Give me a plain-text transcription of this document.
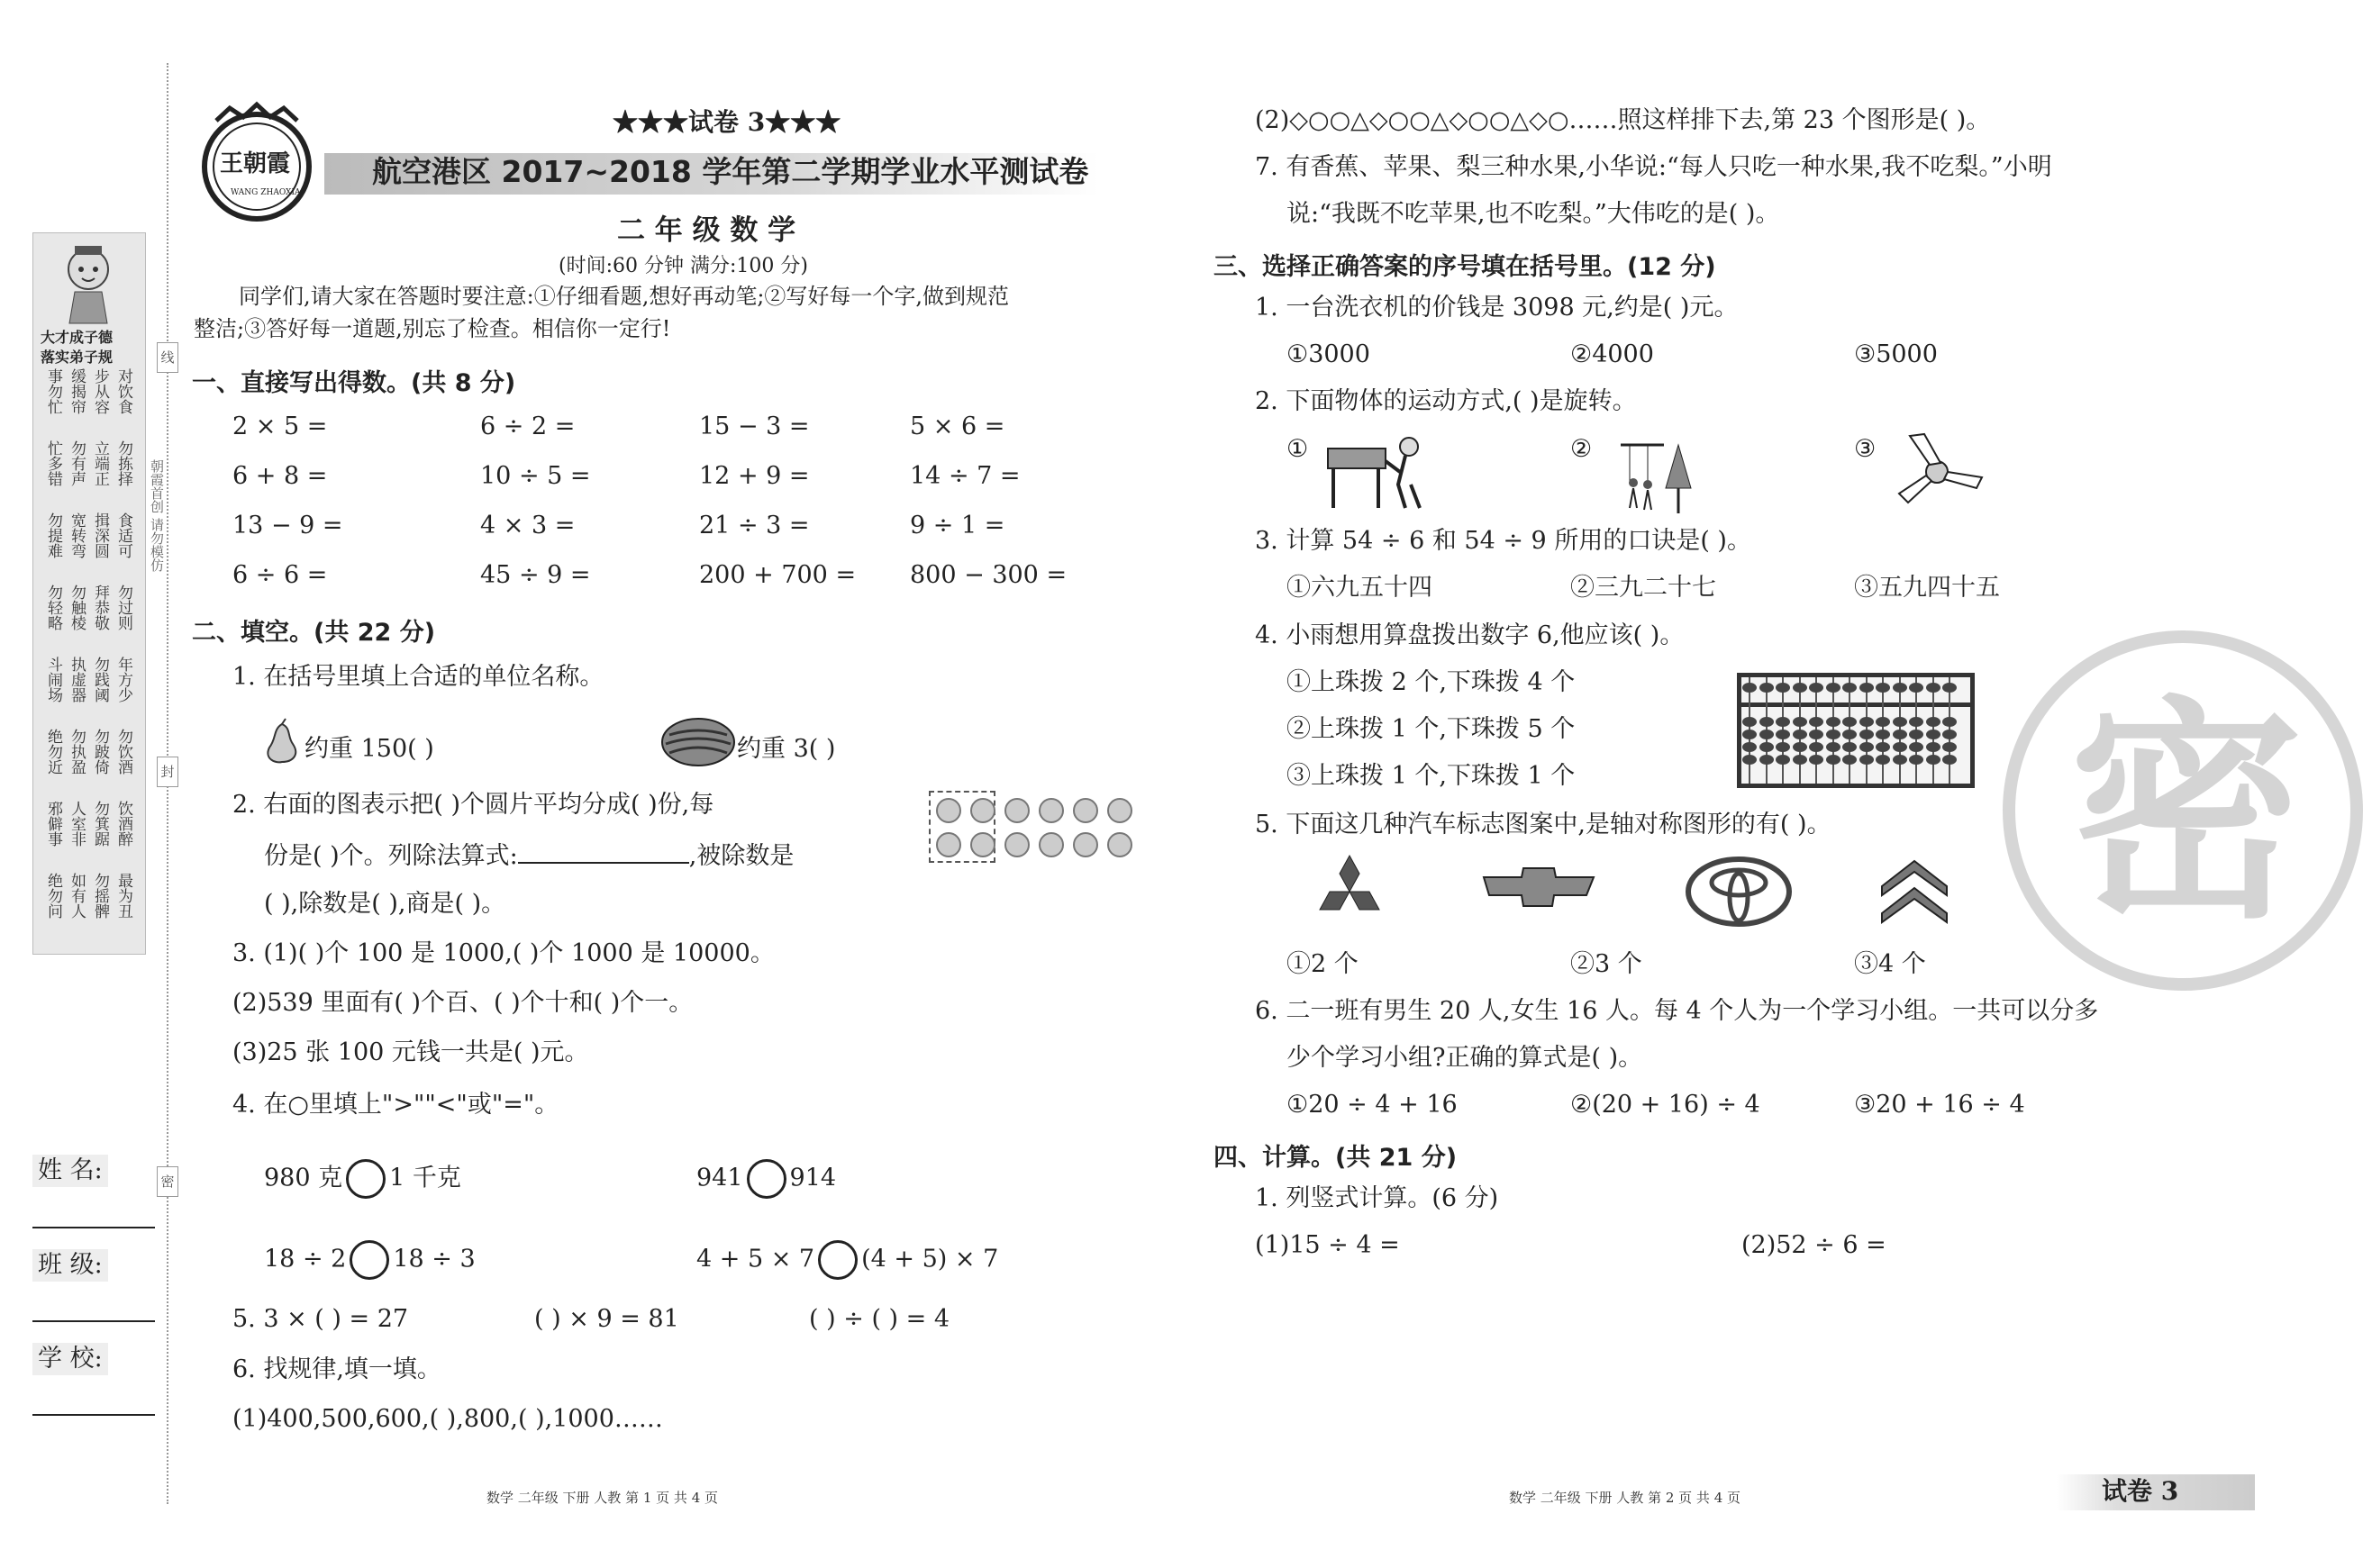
线
封
密
朝霞首创 请勿模仿
大才成子德
落实弟子规
事勿忙 缓揭帘 步从容 对饮食
忙多错 勿有声 立端正 勿拣择
勿提难 宽转弯 揖深圆 食适可
勿轻略 勿触棱 拜恭敬 勿过则
斗闹场 执虚器 勿践阈 年方少
绝勿近 勿执盈 勿跛倚 勿饮酒
邪僻事 人室非 勿箕踞 饮酒醉
绝勿问 如有人 勿摇髀 最为丑
姓 名:
班 级:
学 校:
王朝霞
WANG ZHAOXIA
★★★试卷 3★★★
航空港区 2017~2018 学年第二学期学业水平测试卷
二 年 级 数 学
(时间:60 分钟 满分:100 分)
同学们,请大家在答题时要注意:①仔细看题,想好再动笔;②写好每一个字,做到规范
整洁;③答好每一道题,别忘了检查。相信你一定行!
一、直接写出得数。(共 8 分)
2 × 5 =	6 ÷ 2 =	15 − 3 =	5 × 6 =
6 + 8 =	10 ÷ 5 =	12 + 9 =	14 ÷ 7 =
13 − 9 =	4 × 3 =	21 ÷ 3 =	9 ÷ 1 =
6 ÷ 6 =	45 ÷ 9 =	200 + 700 = 800 − 300 =
二、填空。(共 22 分)
1. 在括号里填上合适的单位名称。
约重 150( )	约重 3( )
2. 右面的图表示把( )个圆片平均分成( )份,每
份是( )个。列除法算式:	,被除数是
( ),除数是( ),商是( )。
3. (1)( )个 100 是 1000,( )个 1000 是 10000。
(2)539 里面有( )个百、( )个十和( )个一。
(3)25 张 100 元钱一共是( )元。
4. 在○里填上">""<"或"="。
980 克 1 千克	941 914
18 ÷ 2 18 ÷ 3	4 + 5 × 7 (4 + 5) × 7
5. 3 × ( ) = 27	( ) × 9 = 81	( ) ÷ ( ) = 4
6. 找规律,填一填。
(1)400,500,600,( ),800,( ),1000……
数学 二年级 下册 人教 第 1 页 共 4 页
(2)◇○○△◇○○△◇○○△◇○……照这样排下去,第 23 个图形是( )。
7. 有香蕉、苹果、梨三种水果,小华说:“每人只吃一种水果,我不吃梨。”小明
说:“我既不吃苹果,也不吃梨。”大伟吃的是( )。
三、选择正确答案的序号填在括号里。(12 分)
1. 一台洗衣机的价钱是 3098 元,约是( )元。
①3000	②4000	③5000
2. 下面物体的运动方式,( )是旋转。
①	②	③
3. 计算 54 ÷ 6 和 54 ÷ 9 所用的口诀是( )。
①六九五十四	②三九二十七	③五九四十五
4. 小雨想用算盘拨出数字 6,他应该( )。
①上珠拨 2 个,下珠拨 4 个
②上珠拨 1 个,下珠拨 5 个
③上珠拨 1 个,下珠拨 1 个
5. 下面这几种汽车标志图案中,是轴对称图形的有( )。
①2 个	②3 个	③4 个
6. 二一班有男生 20 人,女生 16 人。每 4 个人为一个学习小组。一共可以分多
少个学习小组?正确的算式是( )。
①20 ÷ 4 + 16	②(20 + 16) ÷ 4	③20 + 16 ÷ 4
四、计算。(共 21 分)
1. 列竖式计算。(6 分)
(1)15 ÷ 4 =	(2)52 ÷ 6 =
密
数学 二年级 下册 人教 第 2 页 共 4 页	试卷 3
